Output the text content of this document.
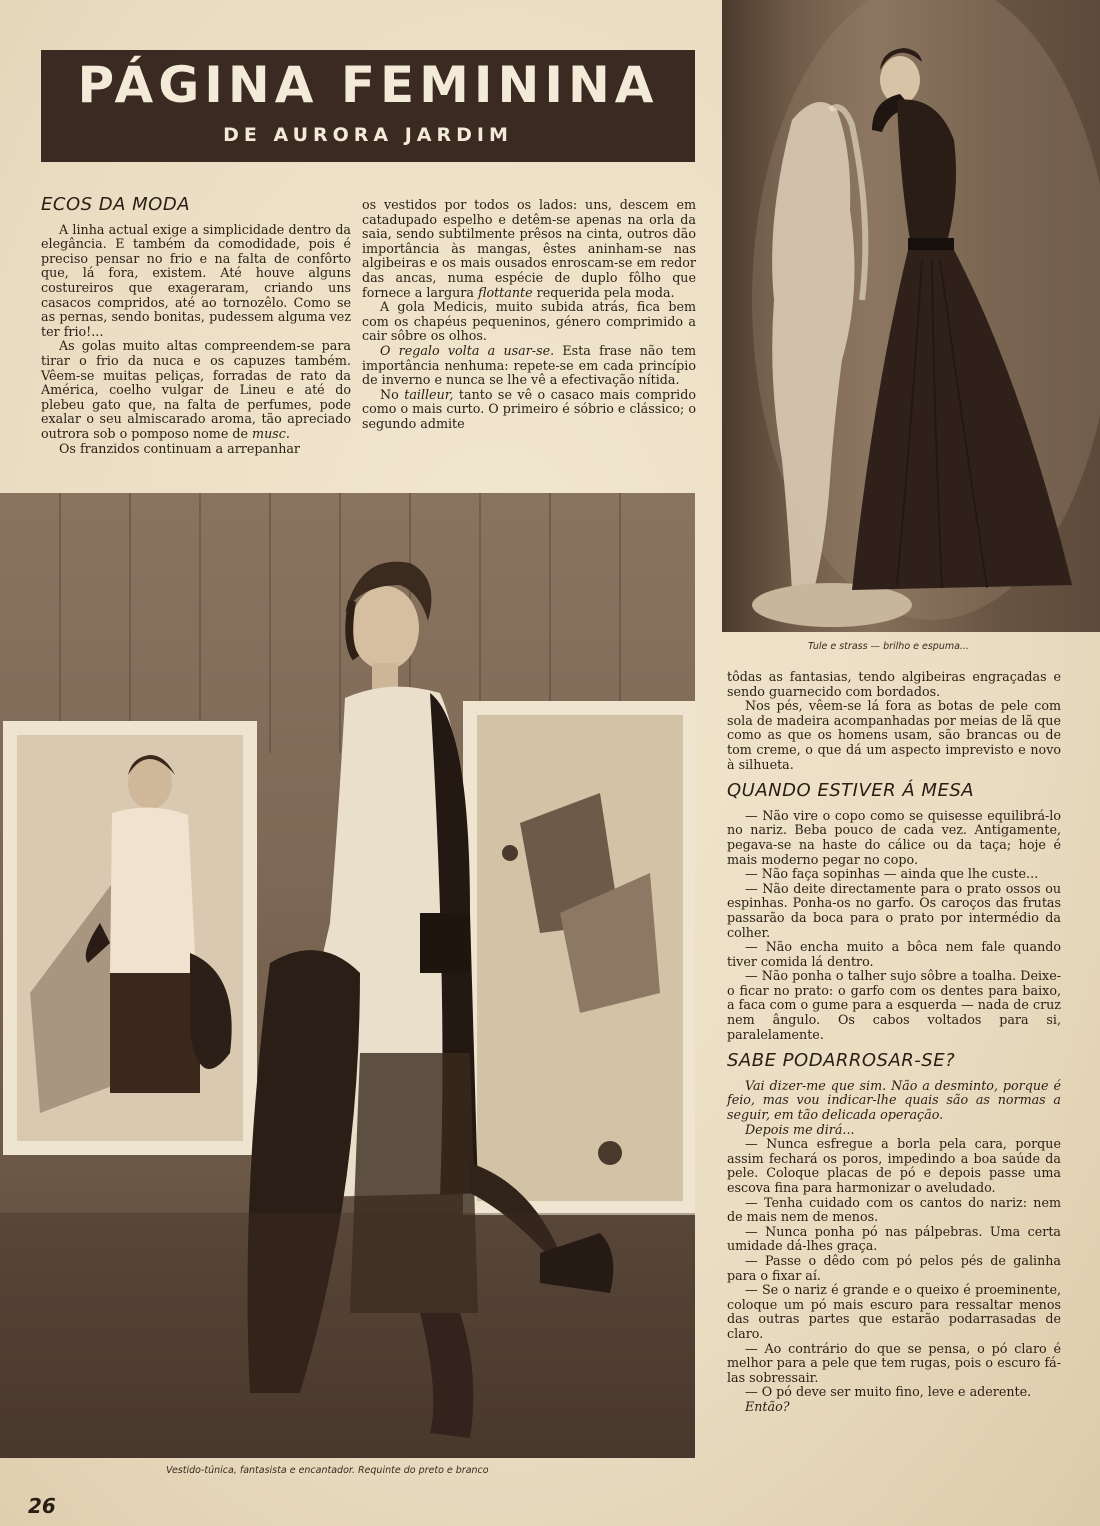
PÁGINA FEMININA
DE AURORA JARDIM
ECOS DA MODA

A linha actual exige a simplicidade dentro da elegância. E também da comodidade, pois é preciso pensar no frio e na falta de confôrto que, lá fora, existem. Até houve alguns costureiros que exageraram, criando uns casacos compridos, até ao tornozêlo. Como se as pernas, sendo bonitas, pudessem alguma vez ter frio!...

As golas muito altas compreendem-se para tirar o frio da nuca e os capuzes também. Vêem-se muitas peliças, forradas de rato da América, coelho vulgar de Lineu e até do plebeu gato que, na falta de perfumes, pode exalar o seu almiscarado aroma, tão apreciado outrora sob o pomposo nome de musc.

Os franzidos continuam a arrepanhar

os vestidos por todos os lados: uns, descem em catadupado espelho e detêm-se apenas na orla da saia, sendo subtilmente prêsos na cinta, outros dão importância às mangas, êstes aninham-se nas algibeiras e os mais ousados enroscam-se em redor das ancas, numa espécie de duplo fôlho que fornece a largura flottante requerida pela moda.

A gola Medicis, muito subida atrás, fica bem com os chapéus pequeninos, género comprimido a cair sôbre os olhos.

O regalo volta a usar-se. Esta frase não tem importância nenhuma: repete-se em cada princípio de inverno e nunca se lhe vê a efectivação nítida.

No tailleur, tanto se vê o casaco mais comprido como o mais curto. O primeiro é sóbrio e clássico; o segundo admite

Tule e strass — brilho e espuma...

tôdas as fantasias, tendo algibeiras engraçadas e sendo guarnecido com bordados.

Nos pés, vêem-se lá fora as botas de pele com sola de madeira acompanhadas por meias de lã que como as que os homens usam, são brancas ou de tom creme, o que dá um aspecto imprevisto e novo à silhueta.

QUANDO ESTIVER Á MESA

— Não vire o copo como se quisesse equilibrá-lo no nariz. Beba pouco de cada vez. Antigamente, pegava-se na haste do cálice ou da taça; hoje é mais moderno pegar no copo.

— Não faça sopinhas — ainda que lhe custe...

— Não deite directamente para o prato ossos ou espinhas. Ponha-os no garfo. Os caroços das frutas passarão da boca para o prato por intermédio da colher.

— Não encha muito a bôca nem fale quando tiver comida lá dentro.

— Não ponha o talher sujo sôbre a toalha. Deixe-o ficar no prato: o garfo com os dentes para baixo, a faca com o gume para a esquerda — nada de cruz nem ângulo. Os cabos voltados para si, paralelamente.

SABE PODARROSAR-SE?

Vai dizer-me que sim. Não a desminto, porque é feio, mas vou indicar-lhe quais são as normas a seguir, em tão delicada operação.

Depois me dirá...

— Nunca esfregue a borla pela cara, porque assim fechará os poros, impedindo a boa saúde da pele. Coloque placas de pó e depois passe uma escova fina para harmonizar o aveludado.

— Tenha cuidado com os cantos do nariz: nem de mais nem de menos.

— Nunca ponha pó nas pálpebras. Uma certa umidade dá-lhes graça.

— Passe o dêdo com pó pelos pés de galinha para o fixar aí.

— Se o nariz é grande e o queixo é proeminente, coloque um pó mais escuro para ressaltar menos das outras partes que estarão podarrasadas de claro.

— Ao contrário do que se pensa, o pó claro é melhor para a pele que tem rugas, pois o escuro fá-las sobressair.

— O pó deve ser muito fino, leve e aderente.

Então?

Vestido-túnica, fantasista e encantador. Requinte do preto e branco
26
